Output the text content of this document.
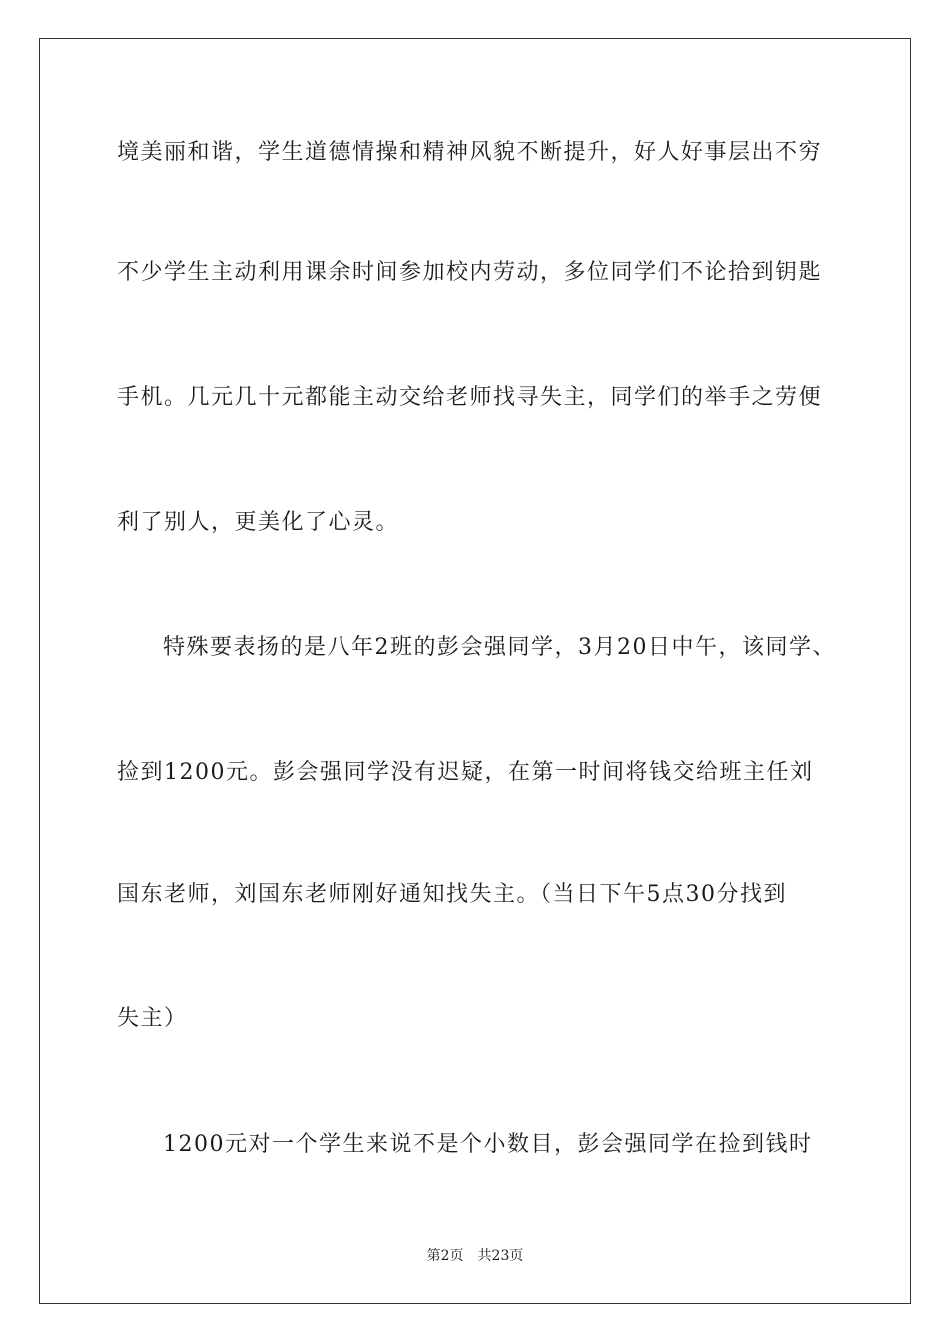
境美丽和谐，学生道德情操和精神风貌不断提升，好人好事层出不穷
不少学生主动利用课余时间参加校内劳动，多位同学们不论拾到钥匙
手机。几元几十元都能主动交给老师找寻失主，同学们的举手之劳便
利了别人，更美化了心灵。
特殊要表扬的是八年2班的彭会强同学，3月20日中午，该同学、
捡到1200元。彭会强同学没有迟疑，在第一时间将钱交给班主任刘
国东老师，刘国东老师刚好通知找失主。（当日下午5点30分找到
失主）
1200元对一个学生来说不是个小数目，彭会强同学在捡到钱时
第2页　共23页
